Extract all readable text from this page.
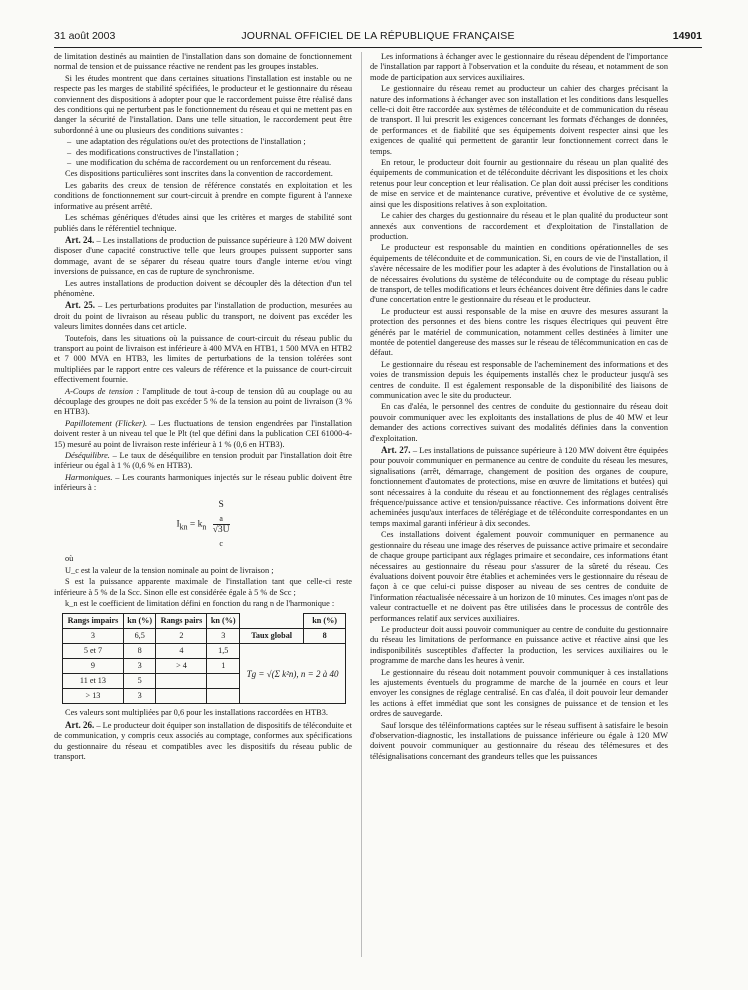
31 août 2003	JOURNAL OFFICIEL DE LA RÉPUBLIQUE FRANÇAISE	14901

de limitation destinés au maintien de l'installation dans son domaine de fonctionnement normal de tension et de puissance réactive ne rendent pas les groupes instables.

Si les études montrent que dans certaines situations l'installation est instable ou ne respecte pas les marges de stabilité spécifiées, le producteur et le gestionnaire du réseau conviennent des dispositions à adopter pour que le raccordement puisse être réalisé dans des conditions qui ne perturbent pas le fonctionnement du réseau et qui ne mettent pas en danger la sécurité de l'installation. Dans une telle situation, le raccordement peut être subordonné à une ou plusieurs des conditions suivantes :

– une adaptation des régulations ou/et des protections de l'installation ;
– des modifications constructives de l'installation ;
– une modification du schéma de raccordement ou un renforcement du réseau.

Ces dispositions particulières sont inscrites dans la convention de raccordement.

Les gabarits des creux de tension de référence constatés en exploitation et les conditions de fonctionnement sur court-circuit à prendre en compte figurent à l'annexe informative au présent arrêté.

Les schémas génériques d'études ainsi que les critères et marges de stabilité sont publiés dans le référentiel technique.

Art. 24. – Les installations de production de puissance supérieure à 120 MW doivent disposer d'une capacité constructive telle que leurs groupes puissent supporter sans dommage, avant de se séparer du réseau quatre tours d'angle interne et/ou vingt inversions de puissance, en cas de rupture de synchronisme.

Les autres installations de production doivent se découpler dès la détection d'un tel phénomène.

Art. 25. – Les perturbations produites par l'installation de production, mesurées au droit du point de livraison au réseau public du transport, ne doivent pas excéder les valeurs limites données dans cet article.

Toutefois, dans les situations où la puissance de court-circuit du réseau public du transport au point de livraison est inférieure à 400 MVA en HTB1, 1 500 MVA en HTB2 et 7 000 MVA en HTB3, les limites de perturbations de la tension tolérées sont multipliées par le rapport entre ces valeurs de référence et la puissance de court-circuit effectivement fournie.

A-Coups de tension : l'amplitude de tout à-coup de tension dû au couplage ou au découplage des groupes ne doit pas excéder 5 % de la tension au point de livraison (3 % en HTB3).

Papillotement (Flicker). – Les fluctuations de tension engendrées par l'installation doivent rester à un niveau tel que le Plt (tel que défini dans la publication CEI 61000-4-15) mesuré au point de livraison reste inférieur à 1 % (0,6 en HTB3).

Déséquilibre. – Le taux de déséquilibre en tension produit par l'installation doit être inférieur ou égal à 1 % (0,6 % en HTB3).

Harmoniques. – Les courants harmoniques injectés sur le réseau public doivent être inférieurs à :

$I_{kn} = k_n$ S
$_a$
√3U
$_c$

où

U_c est la valeur de la tension nominale au point de livraison ;

S est la puissance apparente maximale de l'installation tant que celle-ci reste inférieure à 5 % de la Scc. Sinon elle est considérée égale à 5 % de Scc ;

k_n est le coefficient de limitation défini en fonction du rang n de l'harmonique :

Rangs impairs	kn (%)	Rangs pairs	kn (%)		kn (%)
3	6,5	2	3	Taux global	8
5 et 7	8	4	1,5	Tg = √(Σ k²n), n = 2 à 40	
9	3	> 4	1		
11 et 13	5				
> 13	3				

Ces valeurs sont multipliées par 0,6 pour les installations raccordées en HTB3.

Art. 26. – Le producteur doit équiper son installation de dispositifs de téléconduite et de communication, y compris ceux associés au comptage, conformes aux spécifications du gestionnaire du réseau et compatibles avec les dispositifs du réseau public de transport.

Les informations à échanger avec le gestionnaire du réseau dépendent de l'importance de l'installation par rapport à l'observation et la conduite du réseau, et notamment de son mode de participation aux services auxiliaires.

Le gestionnaire du réseau remet au producteur un cahier des charges précisant la nature des informations à échanger avec son installation et les conditions dans lesquelles celle-ci doit être raccordée aux systèmes de téléconduite et de communication du réseau de transport. Il lui prescrit les exigences concernant les formats d'échanges de données, de performances et de fiabilité que ses équipements doivent respecter ainsi que les exigences de qualité qui permettent de garantir leur fonctionnement correct dans le temps.

En retour, le producteur doit fournir au gestionnaire du réseau un plan qualité des équipements de communication et de téléconduite décrivant les dispositions et les choix retenus pour leur conception et leur réalisation. Ce plan doit aussi préciser les conditions de mise en service et de maintenance curative, préventive et évolutive de ce système, ainsi que les dispositions relatives à son exploitation.

Le cahier des charges du gestionnaire du réseau et le plan qualité du producteur sont annexés aux conventions de raccordement et d'exploitation de l'installation de production.

Le producteur est responsable du maintien en conditions opérationnelles de ses équipements de téléconduite et de communication. Si, en cours de vie de l'installation, il s'avère nécessaire de les modifier pour les adapter à des évolutions de l'installation ou à de nécessaires évolutions du système de téléconduite ou de comptage du réseau public de transport, de telles modifications et leurs échéances doivent être définies dans le cadre d'une concertation entre le gestionnaire du réseau et le producteur.

Le producteur est aussi responsable de la mise en œuvre des mesures assurant la protection des personnes et des biens contre les risques électriques qui peuvent être générés par le matériel de communication, notamment celles destinées à limiter une montée de potentiel dangereuse des masses sur le réseau de télécommunication en cas de défaut.

Le gestionnaire du réseau est responsable de l'acheminement des informations et des voies de transmission depuis les équipements installés chez le producteur jusqu'à ses centres de conduite. Il est également responsable de la disponibilité des liaisons de communication avec le site du producteur.

En cas d'aléa, le personnel des centres de conduite du gestionnaire du réseau doit pouvoir communiquer avec les exploitants des installations de plus de 40 MW et leur demander des actions correctives suivant des modalités définies dans la convention d'exploitation.

Art. 27. – Les installations de puissance supérieure à 120 MW doivent être équipées pour pouvoir communiquer en permanence au centre de conduite du réseau les mesures, signalisations (arrêt, démarrage, changement de position des organes de coupure, fonctionnement d'automates de protections, mise en œuvre de limitations et butées) qui sont nécessaires à la conduite du réseau et au fonctionnement des réglages centralisés fréquence/puissance active et tension/puissance réactive. Ces informations doivent être acheminées jusqu'aux interfaces de télérégiage et de téléconduite correspondantes en un temps maximal garanti inférieur à dix secondes.

Ces installations doivent également pouvoir communiquer en permanence au gestionnaire du réseau une image des réserves de puissance active primaire et secondaire de chaque groupe participant aux réglages primaire et secondaire, ces informations étant nécessaires au gestionnaire du réseau pour s'assurer de la sûreté du réseau. Ces évaluations doivent pouvoir être établies et acheminées vers le gestionnaire du réseau de façon à ce que celui-ci puisse disposer au niveau de ses centres de conduite de l'information réactualisée nécessaire à un horizon de 10 minutes. Ces images n'ont pas de valeur contractuelle et ne doivent pas être utilisées dans le processus de contrôle des performances relatif aux services auxiliaires.

Le producteur doit aussi pouvoir communiquer au centre de conduite du gestionnaire du réseau les limitations de performance en puissance active et réactive ainsi que les indisponibilités susceptibles d'affecter la production, les services auxiliaires ou le programme de marche dans les heures à venir.

Le gestionnaire du réseau doit notamment pouvoir communiquer à ces installations les ajustements éventuels du programme de marche de la journée en cours et leur envoyer les consignes de réglage centralisé. En cas d'aléa, il doit pouvoir leur demander les actions à effet immédiat que sont les consignes de puissance et de tension et les ordres de sauvegarde.

Sauf lorsque des téléinformations captées sur le réseau suffisent à satisfaire le besoin d'observation-diagnostic, les installations de puissance inférieure ou égale à 120 MW doivent pouvoir communiquer au gestionnaire du réseau des télémesures et des télésignalisations concernant des grandeurs telles que les puissances
